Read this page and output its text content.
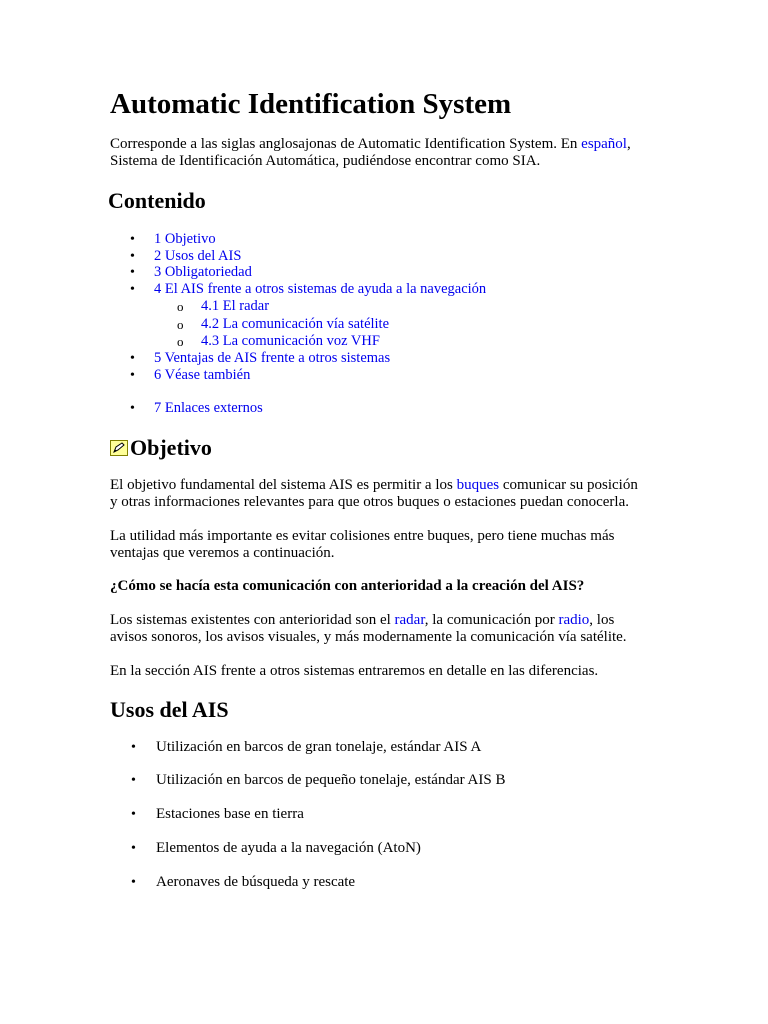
Automatic Identification System

Corresponde a las siglas anglosajonas de Automatic Identification System. En español,

Sistema de Identificación Automática, pudiéndose encontrar como SIA.

Contenido
• 1 Objetivo
• 2 Usos del AIS
• 3 Obligatoriedad
• 4 El AIS frente a otros sistemas de ayuda a la navegación
o 4.1 El radar
o 4.2 La comunicación vía satélite
o 4.3 La comunicación voz VHF
• 5 Ventajas de AIS frente a otros sistemas
• 6 Véase también
• 7 Enlaces externos
Objetivo

El objetivo fundamental del sistema AIS es permitir a los buques comunicar su posición

y otras informaciones relevantes para que otros buques o estaciones puedan conocerla.

La utilidad más importante es evitar colisiones entre buques, pero tiene muchas más

ventajas que veremos a continuación.

¿Cómo se hacía esta comunicación con anterioridad a la creación del AIS?

Los sistemas existentes con anterioridad son el radar, la comunicación por radio, los

avisos sonoros, los avisos visuales, y más modernamente la comunicación vía satélite.

En la sección AIS frente a otros sistemas entraremos en detalle en las diferencias.

Usos del AIS
• Utilización en barcos de gran tonelaje, estándar AIS A
• Utilización en barcos de pequeño tonelaje, estándar AIS B
• Estaciones base en tierra
• Elementos de ayuda a la navegación (AtoN)
• Aeronaves de búsqueda y rescate
